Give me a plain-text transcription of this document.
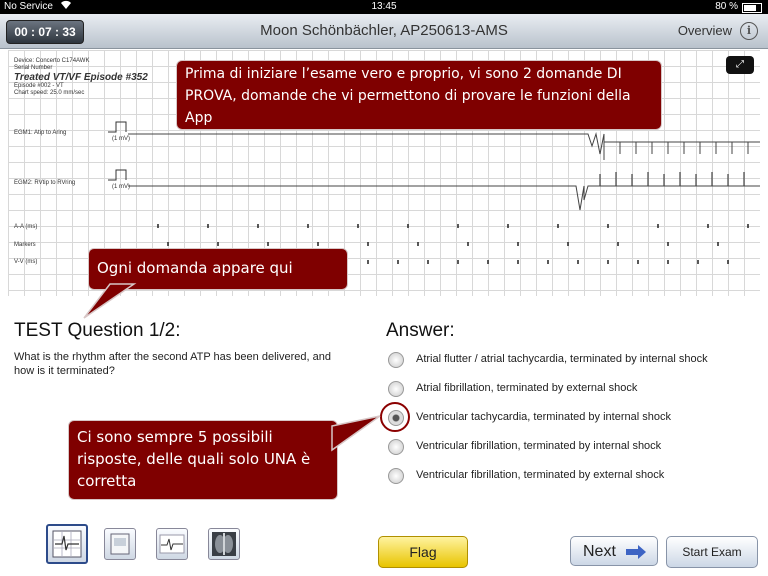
No Service	13:45	80 %
00 : 07 : 33	Moon Schönbächler, AP250613-AMS	Overview	i
Device: Concerto C174AWK
Serial Number
Treated VT/VF Episode #352
Episode #002 - VT
Chart speed: 25.0 mm/sec
EGM1: Atip to Aring
EGM2: RVtip to RVring
A-A (ms)
Markers
V-V (ms)
(1 mV)
(1 mV)
⤢
Prima di iniziare l’esame vero e proprio, vi sono 2 domande DI PROVA, domande che vi permettono di provare le funzioni della App
Ogni domanda appare qui
TEST Question 1/2:
What is the rhythm after the second ATP has been delivered, and how is it terminated?
Answer:
Atrial flutter / atrial tachycardia, terminated by internal shock
Atrial fibrillation, terminated by external shock
Ventricular tachycardia, terminated by internal shock
Ventricular fibrillation, terminated by internal shock
Ventricular fibrillation, terminated by external shock
Ci sono sempre 5 possibili risposte, delle quali solo UNA è corretta
Flag	Next	Start Exam
